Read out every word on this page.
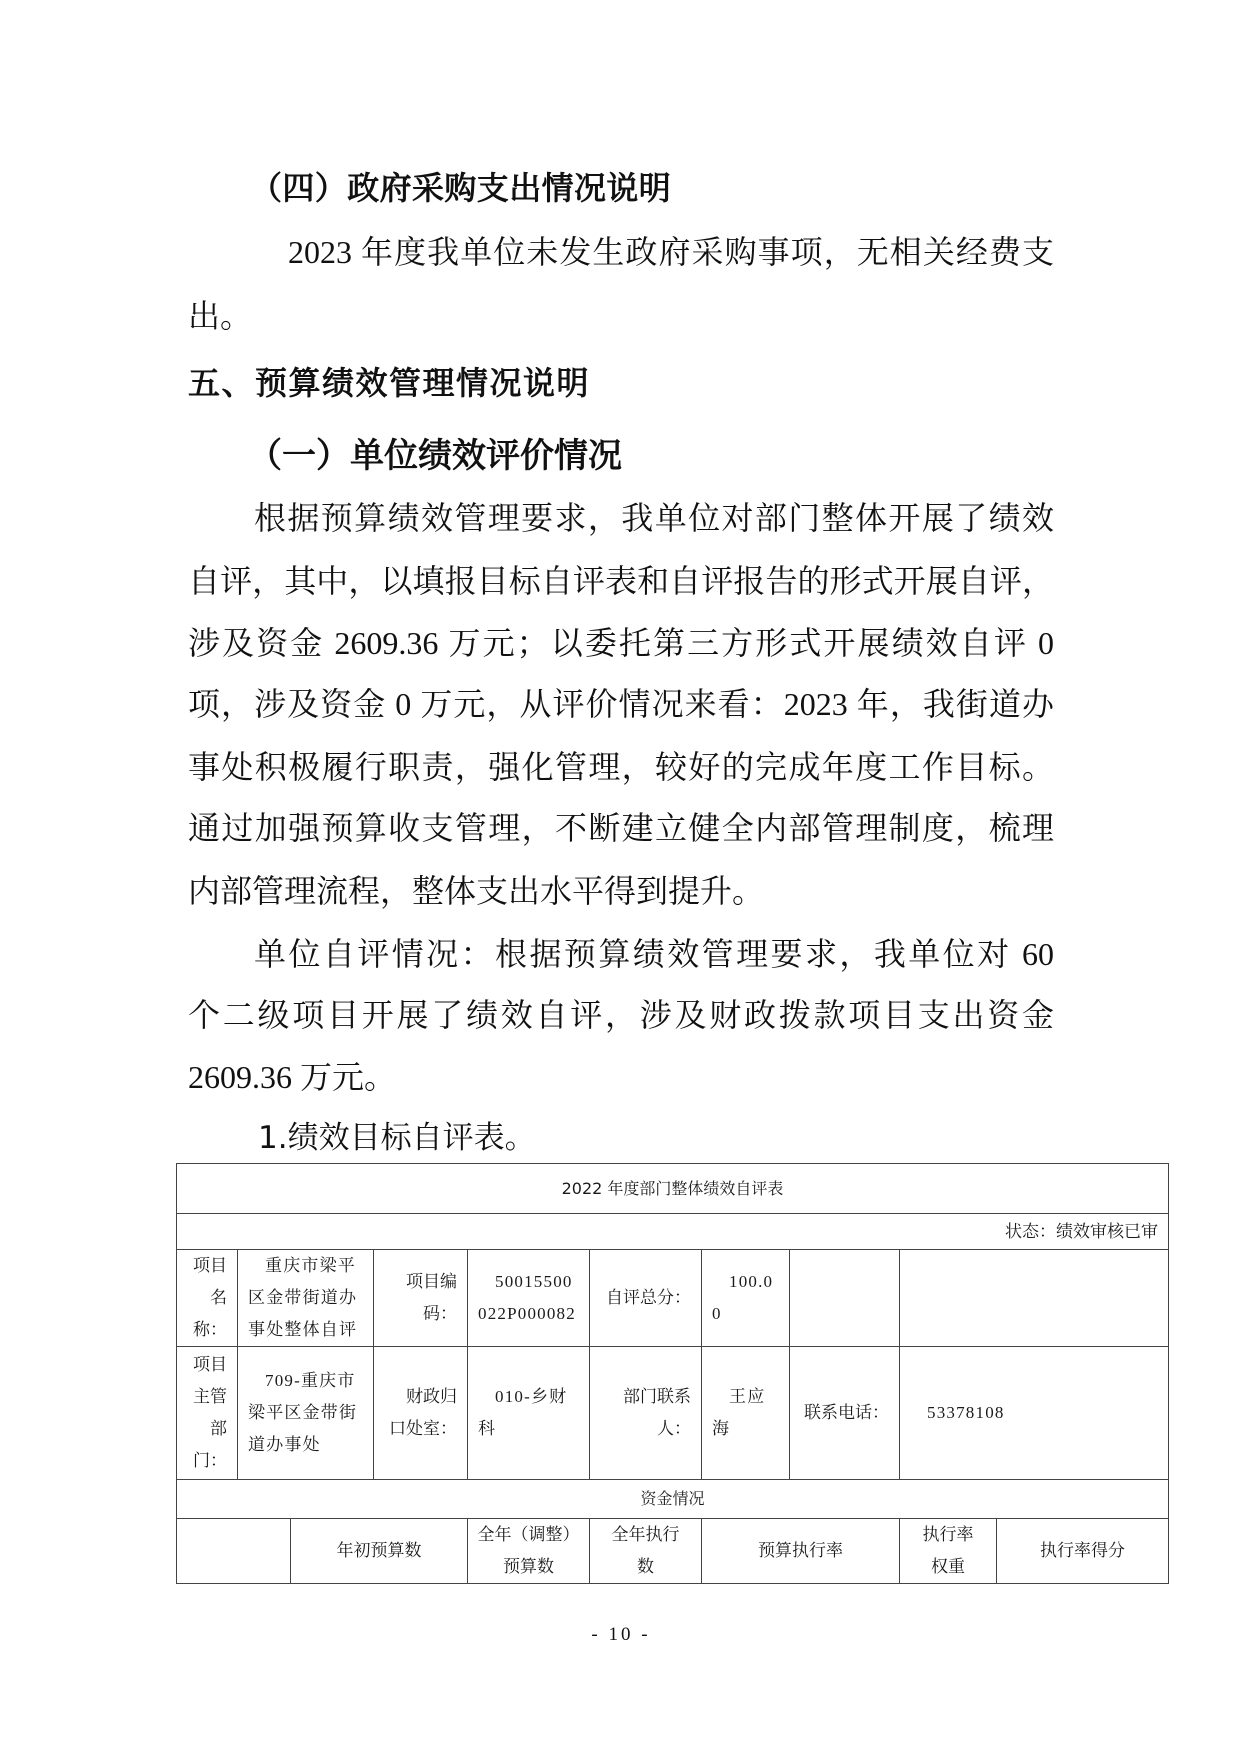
（四）政府采购支出情况说明
2023 年度我单位未发生政府采购事项，无相关经费支
出。
五、预算绩效管理情况说明
（一）单位绩效评价情况
根据预算绩效管理要求，我单位对部门整体开展了绩效
自评，其中，以填报目标自评表和自评报告的形式开展自评，
涉及资金 2609.36 万元；以委托第三方形式开展绩效自评 0
项，涉及资金 0 万元，从评价情况来看：2023 年，我街道办
事处积极履行职责，强化管理，较好的完成年度工作目标。
通过加强预算收支管理，不断建立健全内部管理制度，梳理
内部管理流程，整体支出水平得到提升。
单位自评情况：根据预算绩效管理要求，我单位对 60
个二级项目开展了绩效自评，涉及财政拨款项目支出资金
2609.36 万元。
1.绩效目标自评表。
2022 年度部门整体绩效自评表									
状态：绩效审核已审									
项目名称：	重庆市梁平区金带街道办事处整体自评		项目编码：	50015500022P000082	自评总分：	100.00			
项目主管部门：	709-重庆市梁平区金带街道办事处		财政归口处室：	010-乡财科	部门联系人：	王应海	联系电话：	53378108	
资金情况									
		年初预算数		全年（调整）预算数	全年执行数	预算执行率		执行率权重	执行率得分
- 10 -
